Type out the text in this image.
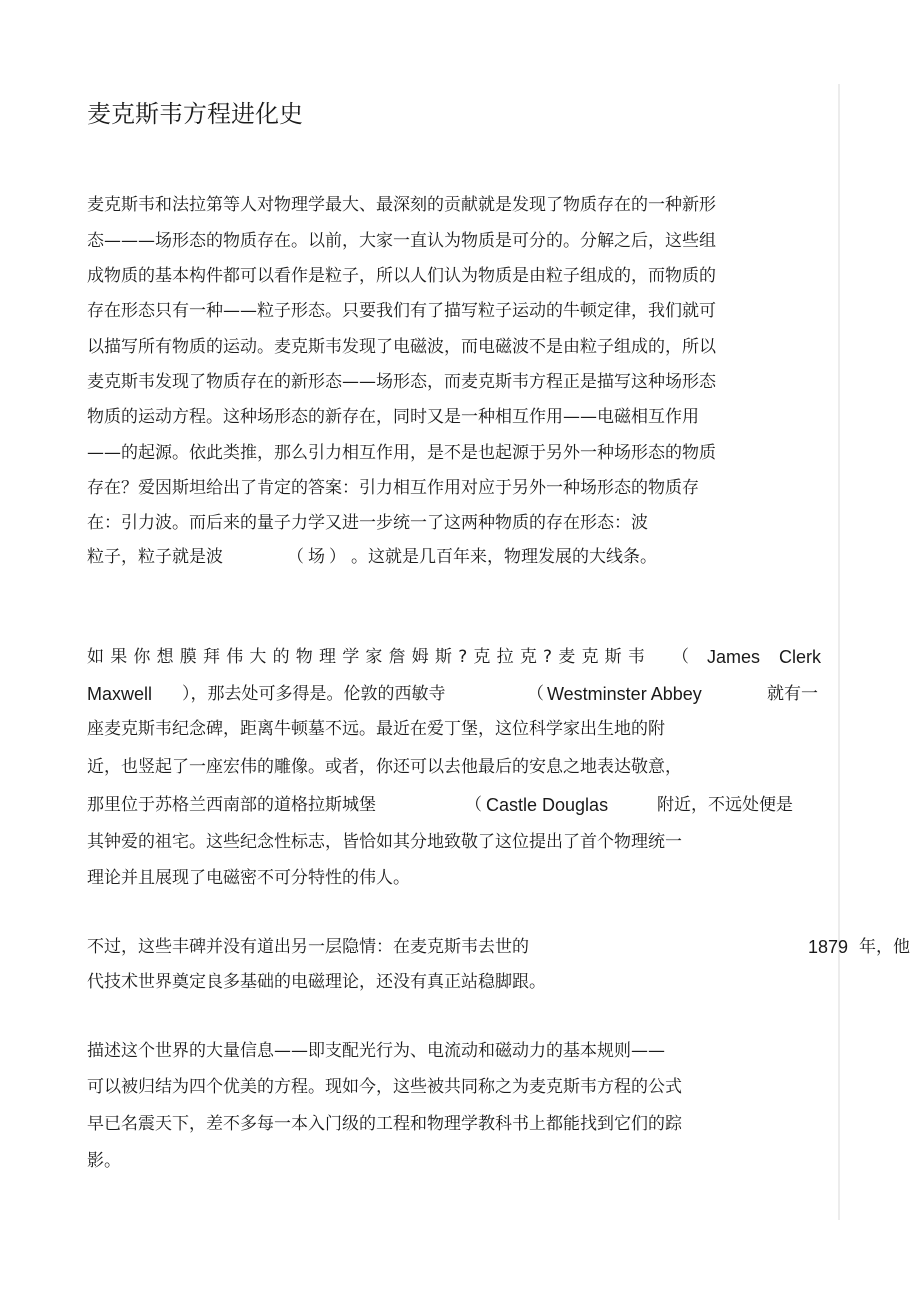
麦克斯韦方程进化史

麦克斯韦和法拉第等人对物理学最大、最深刻的贡献就是发现了物质存在的一种新形

态———场形态的物质存在。以前，大家一直认为物质是可分的。分解之后，这些组

成物质的基本构件都可以看作是粒子，所以人们认为物质是由粒子组成的，而物质的

存在形态只有一种——粒子形态。只要我们有了描写粒子运动的牛顿定律，我们就可

以描写所有物质的运动。麦克斯韦发现了电磁波，而电磁波不是由粒子组成的，所以

麦克斯韦发现了物质存在的新形态——场形态，而麦克斯韦方程正是描写这种场形态

物质的运动方程。这种场形态的新存在，同时又是一种相互作用——电磁相互作用

——的起源。依此类推，那么引力相互作用，是不是也起源于另外一种场形态的物质

存在？爱因斯坦给出了肯定的答案：引力相互作用对应于另外一种场形态的物质存

在：引力波。而后来的量子力学又进一步统一了这两种物质的存在形态：波

粒子，粒子就是波	（场） 。这就是几百年来，物理发展的大线条。
如果你想膜拜伟大的物理学家詹姆斯?克拉克?麦克斯韦 （ James Clerk
Maxwell ），那去处可多得是。伦敦的西敏寺	（ Westminster Abbey	就有一

座麦克斯韦纪念碑，距离牛顿墓不远。最近在爱丁堡，这位科学家出生地的附

近，也竖起了一座宏伟的雕像。或者，你还可以去他最后的安息之地表达敬意，

那里位于苏格兰西南部的道格拉斯城堡	（ Castle Douglas	附近，不远处便是

其钟爱的祖宅。这些纪念性标志，皆恰如其分地致敬了这位提出了首个物理统一

理论并且展现了电磁密不可分特性的伟人。

不过，这些丰碑并没有道出另一层隐情：在麦克斯韦去世的	1879 年，他

代技术世界奠定良多基础的电磁理论，还没有真正站稳脚跟。

描述这个世界的大量信息——即支配光行为、电流动和磁动力的基本规则——

可以被归结为四个优美的方程。现如今，这些被共同称之为麦克斯韦方程的公式

早已名震天下，差不多每一本入门级的工程和物理学教科书上都能找到它们的踪

影。
